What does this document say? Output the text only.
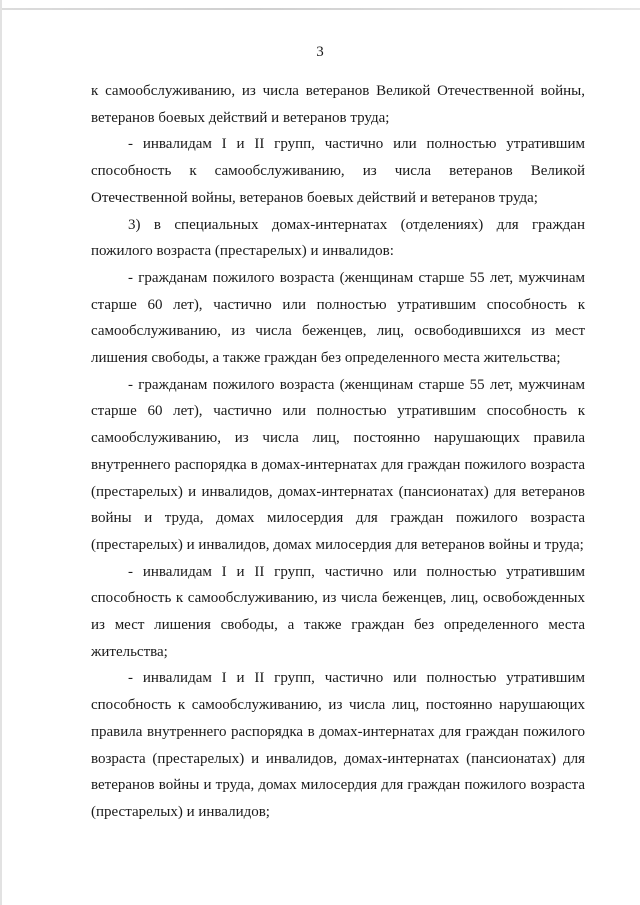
3

к самообслуживанию, из числа ветеранов Великой Отечественной войны, ветеранов боевых действий и ветеранов труда;

- инвалидам I и II групп, частично или полностью утратившим способность к самообслуживанию, из числа ветеранов Великой Отечественной войны, ветеранов боевых действий и ветеранов труда;

3) в специальных домах-интернатах (отделениях) для граждан пожилого возраста (престарелых) и инвалидов:

- гражданам пожилого возраста (женщинам старше 55 лет, мужчинам старше 60 лет), частично или полностью утратившим способность к самообслуживанию, из числа беженцев, лиц, освободившихся из мест лишения свободы, а также граждан без определенного места жительства;

- гражданам пожилого возраста (женщинам старше 55 лет, мужчинам старше 60 лет), частично или полностью утратившим способность к самообслуживанию, из числа лиц, постоянно нарушающих правила внутреннего распорядка в домах-интернатах для граждан пожилого возраста (престарелых) и инвалидов, домах-интернатах (пансионатах) для ветеранов войны и труда, домах милосердия для граждан пожилого возраста (престарелых) и инвалидов, домах милосердия для ветеранов войны и труда;

- инвалидам I и II групп, частично или полностью утратившим способность к самообслуживанию, из числа беженцев, лиц, освобожденных из мест лишения свободы, а также граждан без определенного места жительства;

- инвалидам I и II групп, частично или полностью утратившим способность к самообслуживанию, из числа лиц, постоянно нарушающих правила внутреннего распорядка в домах-интернатах для граждан пожилого возраста (престарелых) и инвалидов, домах-интернатах (пансионатах) для ветеранов войны и труда, домах милосердия для граждан пожилого возраста (престарелых) и инвалидов;
